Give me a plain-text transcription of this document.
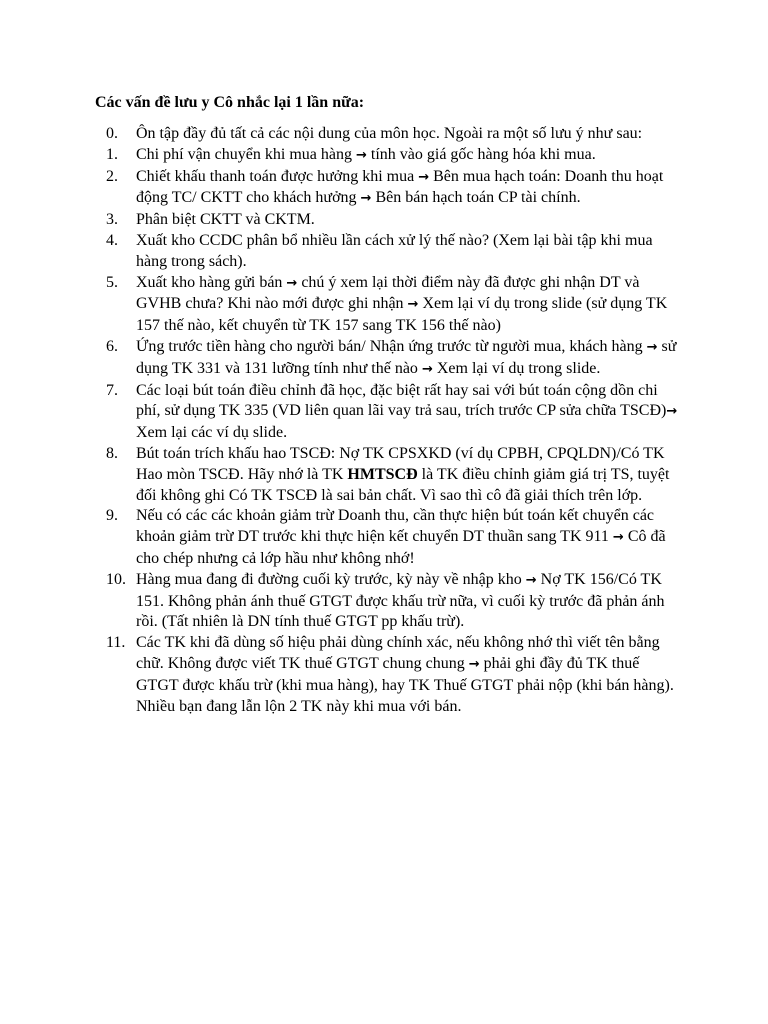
Các vấn đề lưu y Cô nhắc lại 1 lần nữa:

0.	Ôn tập đầy đủ tất cả các nội dung của môn học. Ngoài ra một số lưu ý như sau:
1.	Chi phí vận chuyển khi mua hàng → tính vào giá gốc hàng hóa khi mua.
2.	Chiết khấu thanh toán được hưởng khi mua → Bên mua hạch toán: Doanh thu hoạt động TC/ CKTT cho khách hưởng → Bên bán hạch toán CP tài chính.
3.	Phân biệt CKTT và CKTM.
4.	Xuất kho CCDC phân bổ nhiều lần cách xử lý thế nào? (Xem lại bài tập khi mua hàng trong sách).
5.	Xuất kho hàng gửi bán → chú ý xem lại thời điểm này đã được ghi nhận DT và GVHB chưa? Khi nào mới được ghi nhận → Xem lại ví dụ trong slide (sử dụng TK 157 thế nào, kết chuyển từ TK 157 sang TK 156 thế nào)
6.	Ứng trước tiền hàng cho người bán/ Nhận ứng trước từ người mua, khách hàng → sử dụng TK 331 và 131 lưỡng tính như thế nào → Xem lại ví dụ trong slide.
7.	Các loại bút toán điều chỉnh đã học, đặc biệt rất hay sai với bút toán cộng dồn chi phí, sử dụng TK 335 (VD liên quan lãi vay trả sau, trích trước CP sửa chữa TSCĐ)→ Xem lại các ví dụ slide.
8.	Bút toán trích khấu hao TSCĐ: Nợ TK CPSXKD (ví dụ CPBH, CPQLDN)/Có TK Hao mòn TSCĐ. Hãy nhớ là TK HMTSCĐ là TK điều chỉnh giảm giá trị TS, tuyệt đối không ghi Có TK TSCĐ là sai bản chất. Vì sao thì cô đã giải thích trên lớp.
9.	Nếu có các các khoản giảm trừ Doanh thu, cần thực hiện bút toán kết chuyển các khoản giảm trừ DT trước khi thực hiện kết chuyển DT thuần sang TK 911 → Cô đã cho chép nhưng cả lớp hầu như không nhớ!
10. Hàng mua đang đi đường cuối kỳ trước, kỳ này về nhập kho → Nợ TK 156/Có TK 151. Không phản ánh thuế GTGT được khấu trừ nữa, vì cuối kỳ trước đã phản ánh rồi. (Tất nhiên là DN tính thuế GTGT pp khấu trừ).
11. Các TK khi đã dùng số hiệu phải dùng chính xác, nếu không nhớ thì viết tên bằng chữ. Không được viết TK thuế GTGT chung chung → phải ghi đầy đủ TK thuế GTGT được khấu trừ (khi mua hàng), hay TK Thuế GTGT phải nộp (khi bán hàng). Nhiều bạn đang lẫn lộn 2 TK này khi mua với bán.
